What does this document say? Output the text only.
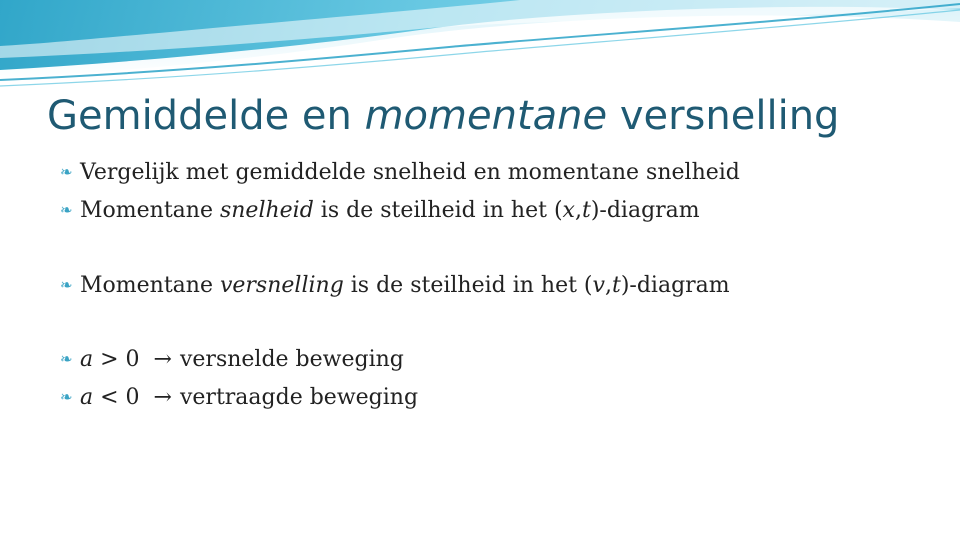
Gemiddelde en momentane versnelling
❧ Vergelijk met gemiddelde snelheid en momentane snelheid
❧ Momentane snelheid is de steilheid in het (x,t)-diagram
❧ Momentane versnelling is de steilheid in het (v,t)-diagram
❧ a > 0 → versnelde beweging
❧ a < 0 → vertraagde beweging
